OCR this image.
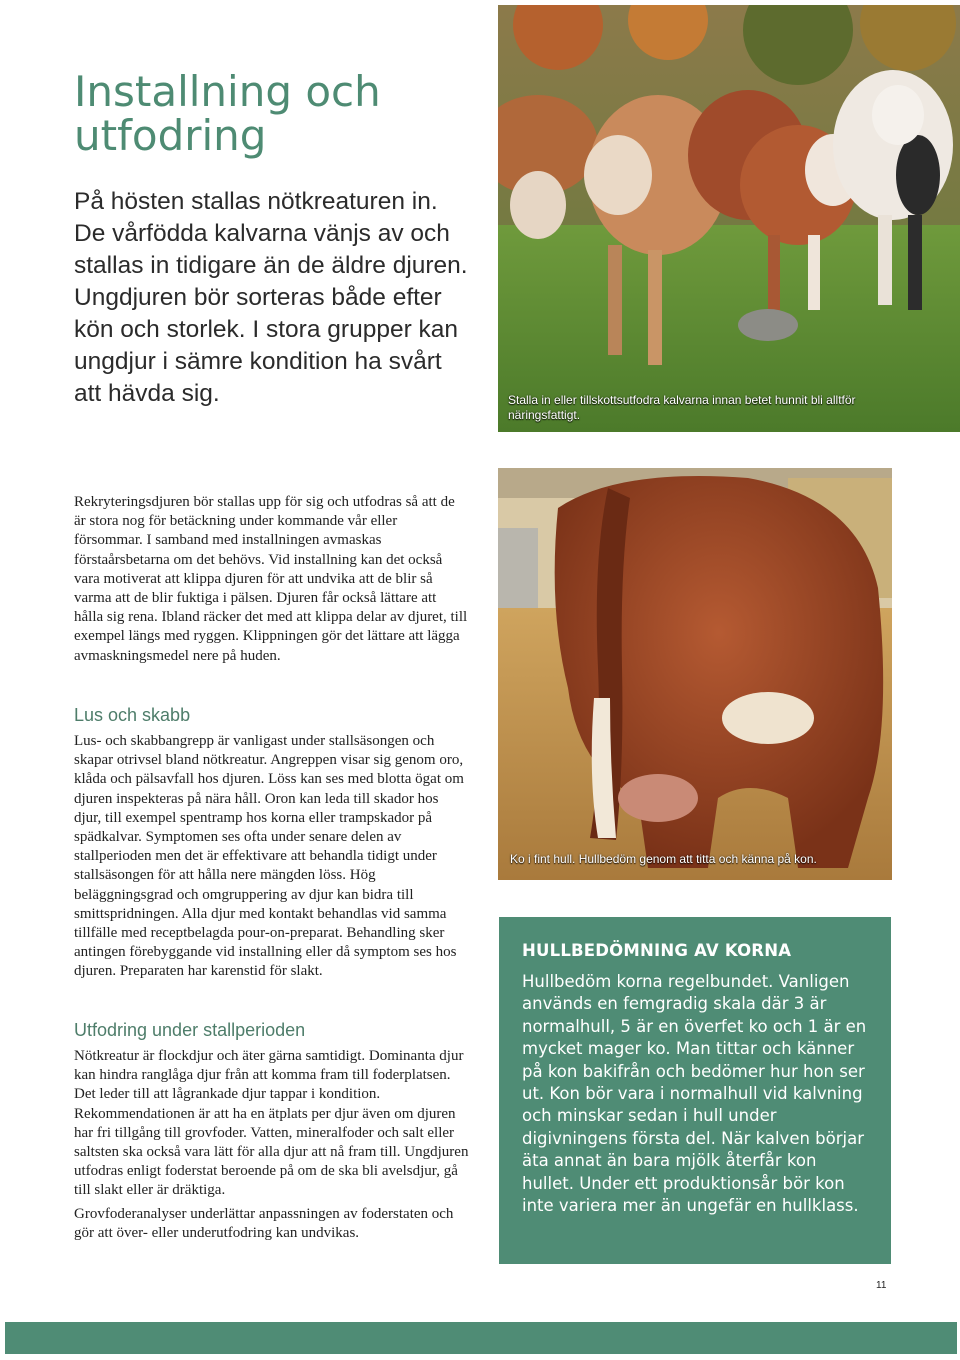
Installning och utfodring

På hösten stallas nötkreaturen in. De vårfödda kalvarna vänjs av och stallas in tidigare än de äldre djuren. Ungdjuren bör sorteras både efter kön och storlek. I stora grupper kan ungdjur i sämre kondition ha svårt att hävda sig.	Stalla in eller tillskottsutfodra kalvarna innan betet hunnit bli alltför näringsfattigt.

Rekryteringsdjuren bör stallas upp för sig och utfodras så att de är stora nog för betäckning under kommande vår eller försommar. I samband med installningen avmaskas förstaårsbetarna om det behövs. Vid installning kan det också vara motiverat att klippa djuren för att undvika att de blir så varma att de blir fuktiga i pälsen. Djuren får också lättare att hålla sig rena. Ibland räcker det med att klippa delar av djuret, till exempel längs med ryggen. Klippningen gör det lättare att lägga avmaskningsmedel nere på huden.

Lus och skabb

Lus- och skabbangrepp är vanligast under stallsäsongen och skapar otrivsel bland nötkreatur. Angreppen visar sig genom oro, klåda och pälsavfall hos djuren. Löss kan ses med blotta ögat om djuren inspekteras på nära håll. Oron kan leda till skador hos djur, till exempel spentramp hos korna eller trampskador på spädkalvar. Symptomen ses ofta under senare delen av stallperioden men det är effektivare att behandla tidigt under stallsäsongen för att hålla nere mängden löss. Hög beläggningsgrad och omgruppering av djur kan bidra till smittspridningen. Alla djur med kontakt behandlas vid samma tillfälle med receptbelagda pour-on-preparat. Behandling sker antingen förebyggande vid installning eller då symptom ses hos djuren. Preparaten har karenstid för slakt.

Utfodring under stallperioden

Nötkreatur är flockdjur och äter gärna samtidigt. Dominanta djur kan hindra ranglåga djur från att komma fram till foderplatsen. Det leder till att lågrankade djur tappar i kondition. Rekommendationen är att ha en ätplats per djur även om djuren har fri tillgång till grovfoder. Vatten, mineralfoder och salt eller saltsten ska också vara lätt för alla djur att nå fram till. Ungdjuren utfodras enligt foderstat beroende på om de ska bli avelsdjur, gå till slakt eller är dräktiga.

Grovfoderanalyser underlättar anpassningen av foderstaten och gör att över- eller underutfodring kan undvikas.

Ko i fint hull. Hullbedöm genom att titta och känna på kon.

HULLBEDÖMNING AV KORNA

Hullbedöm korna regelbundet. Vanligen används en femgradig skala där 3 är normalhull, 5 är en överfet ko och 1 är en mycket mager ko. Man tittar och känner på kon bakifrån och bedömer hur hon ser ut. Kon bör vara i normalhull vid kalvning och minskar sedan i hull under digivningens första del. När kalven börjar äta annat än bara mjölk återfår kon hullet. Under ett produktionsår bör kon inte variera mer än ungefär en hullklass.

11
